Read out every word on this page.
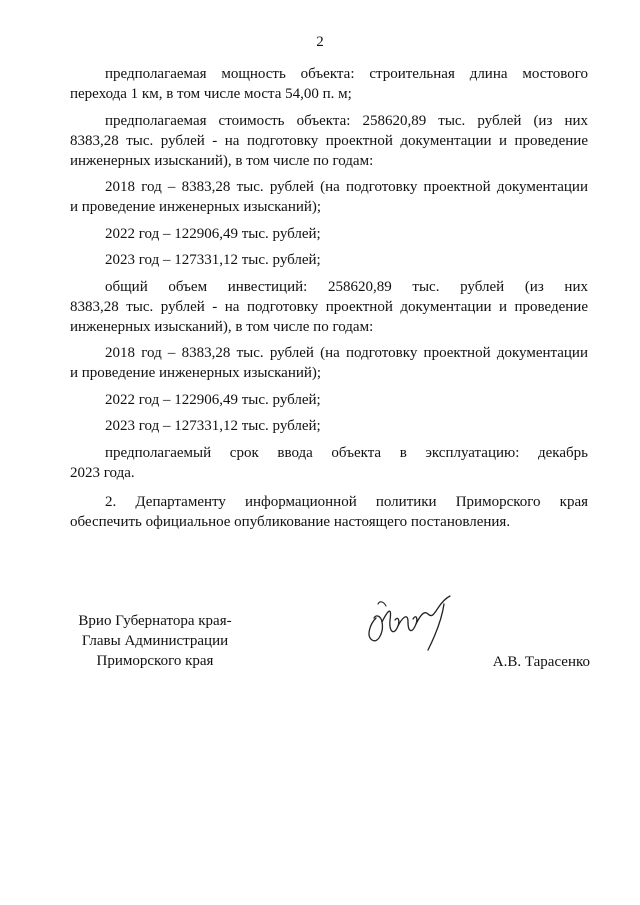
2
предполагаемая мощность объекта: строительная длина мостового
перехода 1 км, в том числе моста 54,00 п. м;
предполагаемая стоимость объекта: 258620,89 тыс. рублей (из них
8383,28 тыс. рублей - на подготовку проектной документации и проведение инженерных изысканий), в том числе по годам:
2018 год – 8383,28 тыс. рублей (на подготовку проектной документации
и проведение инженерных изысканий);

2022 год – 122906,49 тыс. рублей;

2023 год – 127331,12 тыс. рублей;

общий объем инвестиций: 258620,89 тыс. рублей (из них
8383,28 тыс. рублей - на подготовку проектной документации и проведение инженерных изысканий), в том числе по годам:
2018 год – 8383,28 тыс. рублей (на подготовку проектной документации
и проведение инженерных изысканий);

2022 год – 122906,49 тыс. рублей;

2023 год – 127331,12 тыс. рублей;

предполагаемый срок ввода объекта в эксплуатацию: декабрь
2023 года.
2. Департаменту информационной политики Приморского края
обеспечить официальное опубликование настоящего постановления.
Врио Губернатора края-
Главы Администрации
Приморского края	А.В. Тарасенко
